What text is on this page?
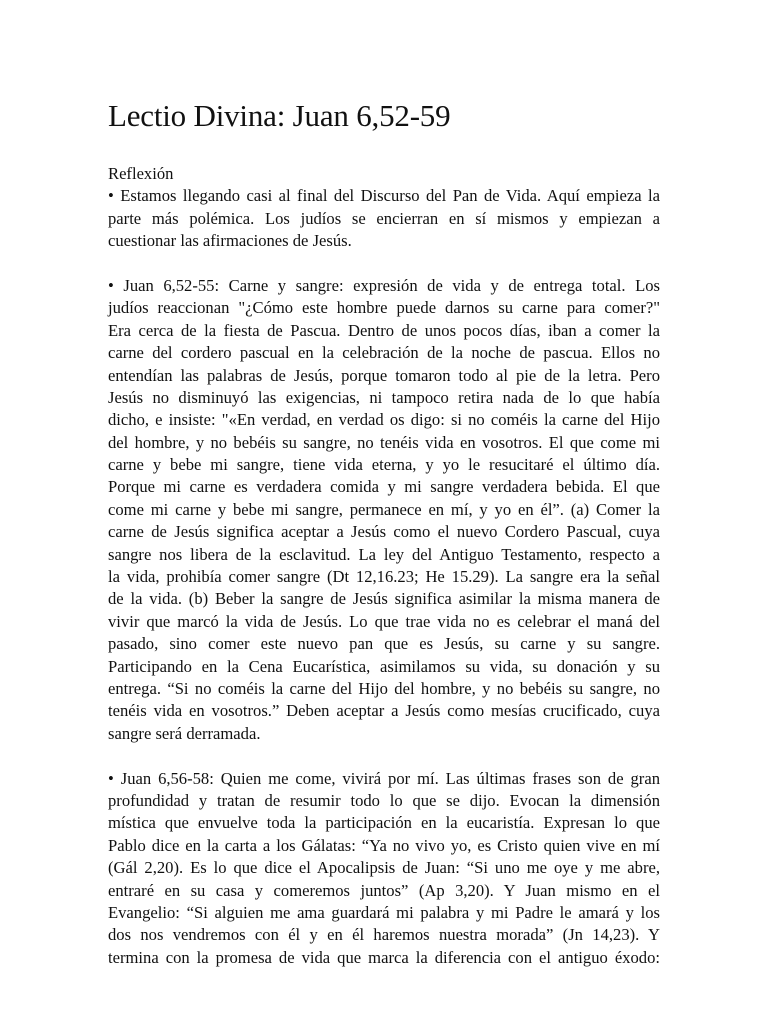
Lectio Divina: Juan 6,52-59
Reflexión
• Estamos llegando casi al final del Discurso del Pan de Vida. Aquí empieza la
parte más polémica. Los judíos se encierran en sí mismos y empiezan a
cuestionar las afirmaciones de Jesús.
• Juan 6,52-55: Carne y sangre: expresión de vida y de entrega total. Los
judíos reaccionan "¿Cómo este hombre puede darnos su carne para comer?"
Era cerca de la fiesta de Pascua. Dentro de unos pocos días, iban a comer la
carne del cordero pascual en la celebración de la noche de pascua. Ellos no
entendían las palabras de Jesús, porque tomaron todo al pie de la letra. Pero
Jesús no disminuyó las exigencias, ni tampoco retira nada de lo que había
dicho, e insiste: "«En verdad, en verdad os digo: si no coméis la carne del Hijo
del hombre, y no bebéis su sangre, no tenéis vida en vosotros. El que come mi
carne y bebe mi sangre, tiene vida eterna, y yo le resucitaré el último día.
Porque mi carne es verdadera comida y mi sangre verdadera bebida. El que
come mi carne y bebe mi sangre, permanece en mí, y yo en él”. (a) Comer la
carne de Jesús significa aceptar a Jesús como el nuevo Cordero Pascual, cuya
sangre nos libera de la esclavitud. La ley del Antiguo Testamento, respecto a
la vida, prohibía comer sangre (Dt 12,16.23; He 15.29). La sangre era la señal
de la vida. (b) Beber la sangre de Jesús significa asimilar la misma manera de
vivir que marcó la vida de Jesús. Lo que trae vida no es celebrar el maná del
pasado, sino comer este nuevo pan que es Jesús, su carne y su sangre.
Participando en la Cena Eucarística, asimilamos su vida, su donación y su
entrega. “Si no coméis la carne del Hijo del hombre, y no bebéis su sangre, no
tenéis vida en vosotros.” Deben aceptar a Jesús como mesías crucificado, cuya
sangre será derramada.
• Juan 6,56-58: Quien me come, vivirá por mí. Las últimas frases son de gran
profundidad y tratan de resumir todo lo que se dijo. Evocan la dimensión
mística que envuelve toda la participación en la eucaristía. Expresan lo que
Pablo dice en la carta a los Gálatas: “Ya no vivo yo, es Cristo quien vive en mí
(Gál 2,20). Es lo que dice el Apocalipsis de Juan: “Si uno me oye y me abre,
entraré en su casa y comeremos juntos” (Ap 3,20). Y Juan mismo en el
Evangelio: “Si alguien me ama guardará mi palabra y mi Padre le amará y los
dos nos vendremos con él y en él haremos nuestra morada” (Jn 14,23). Y
termina con la promesa de vida que marca la diferencia con el antiguo éxodo:
